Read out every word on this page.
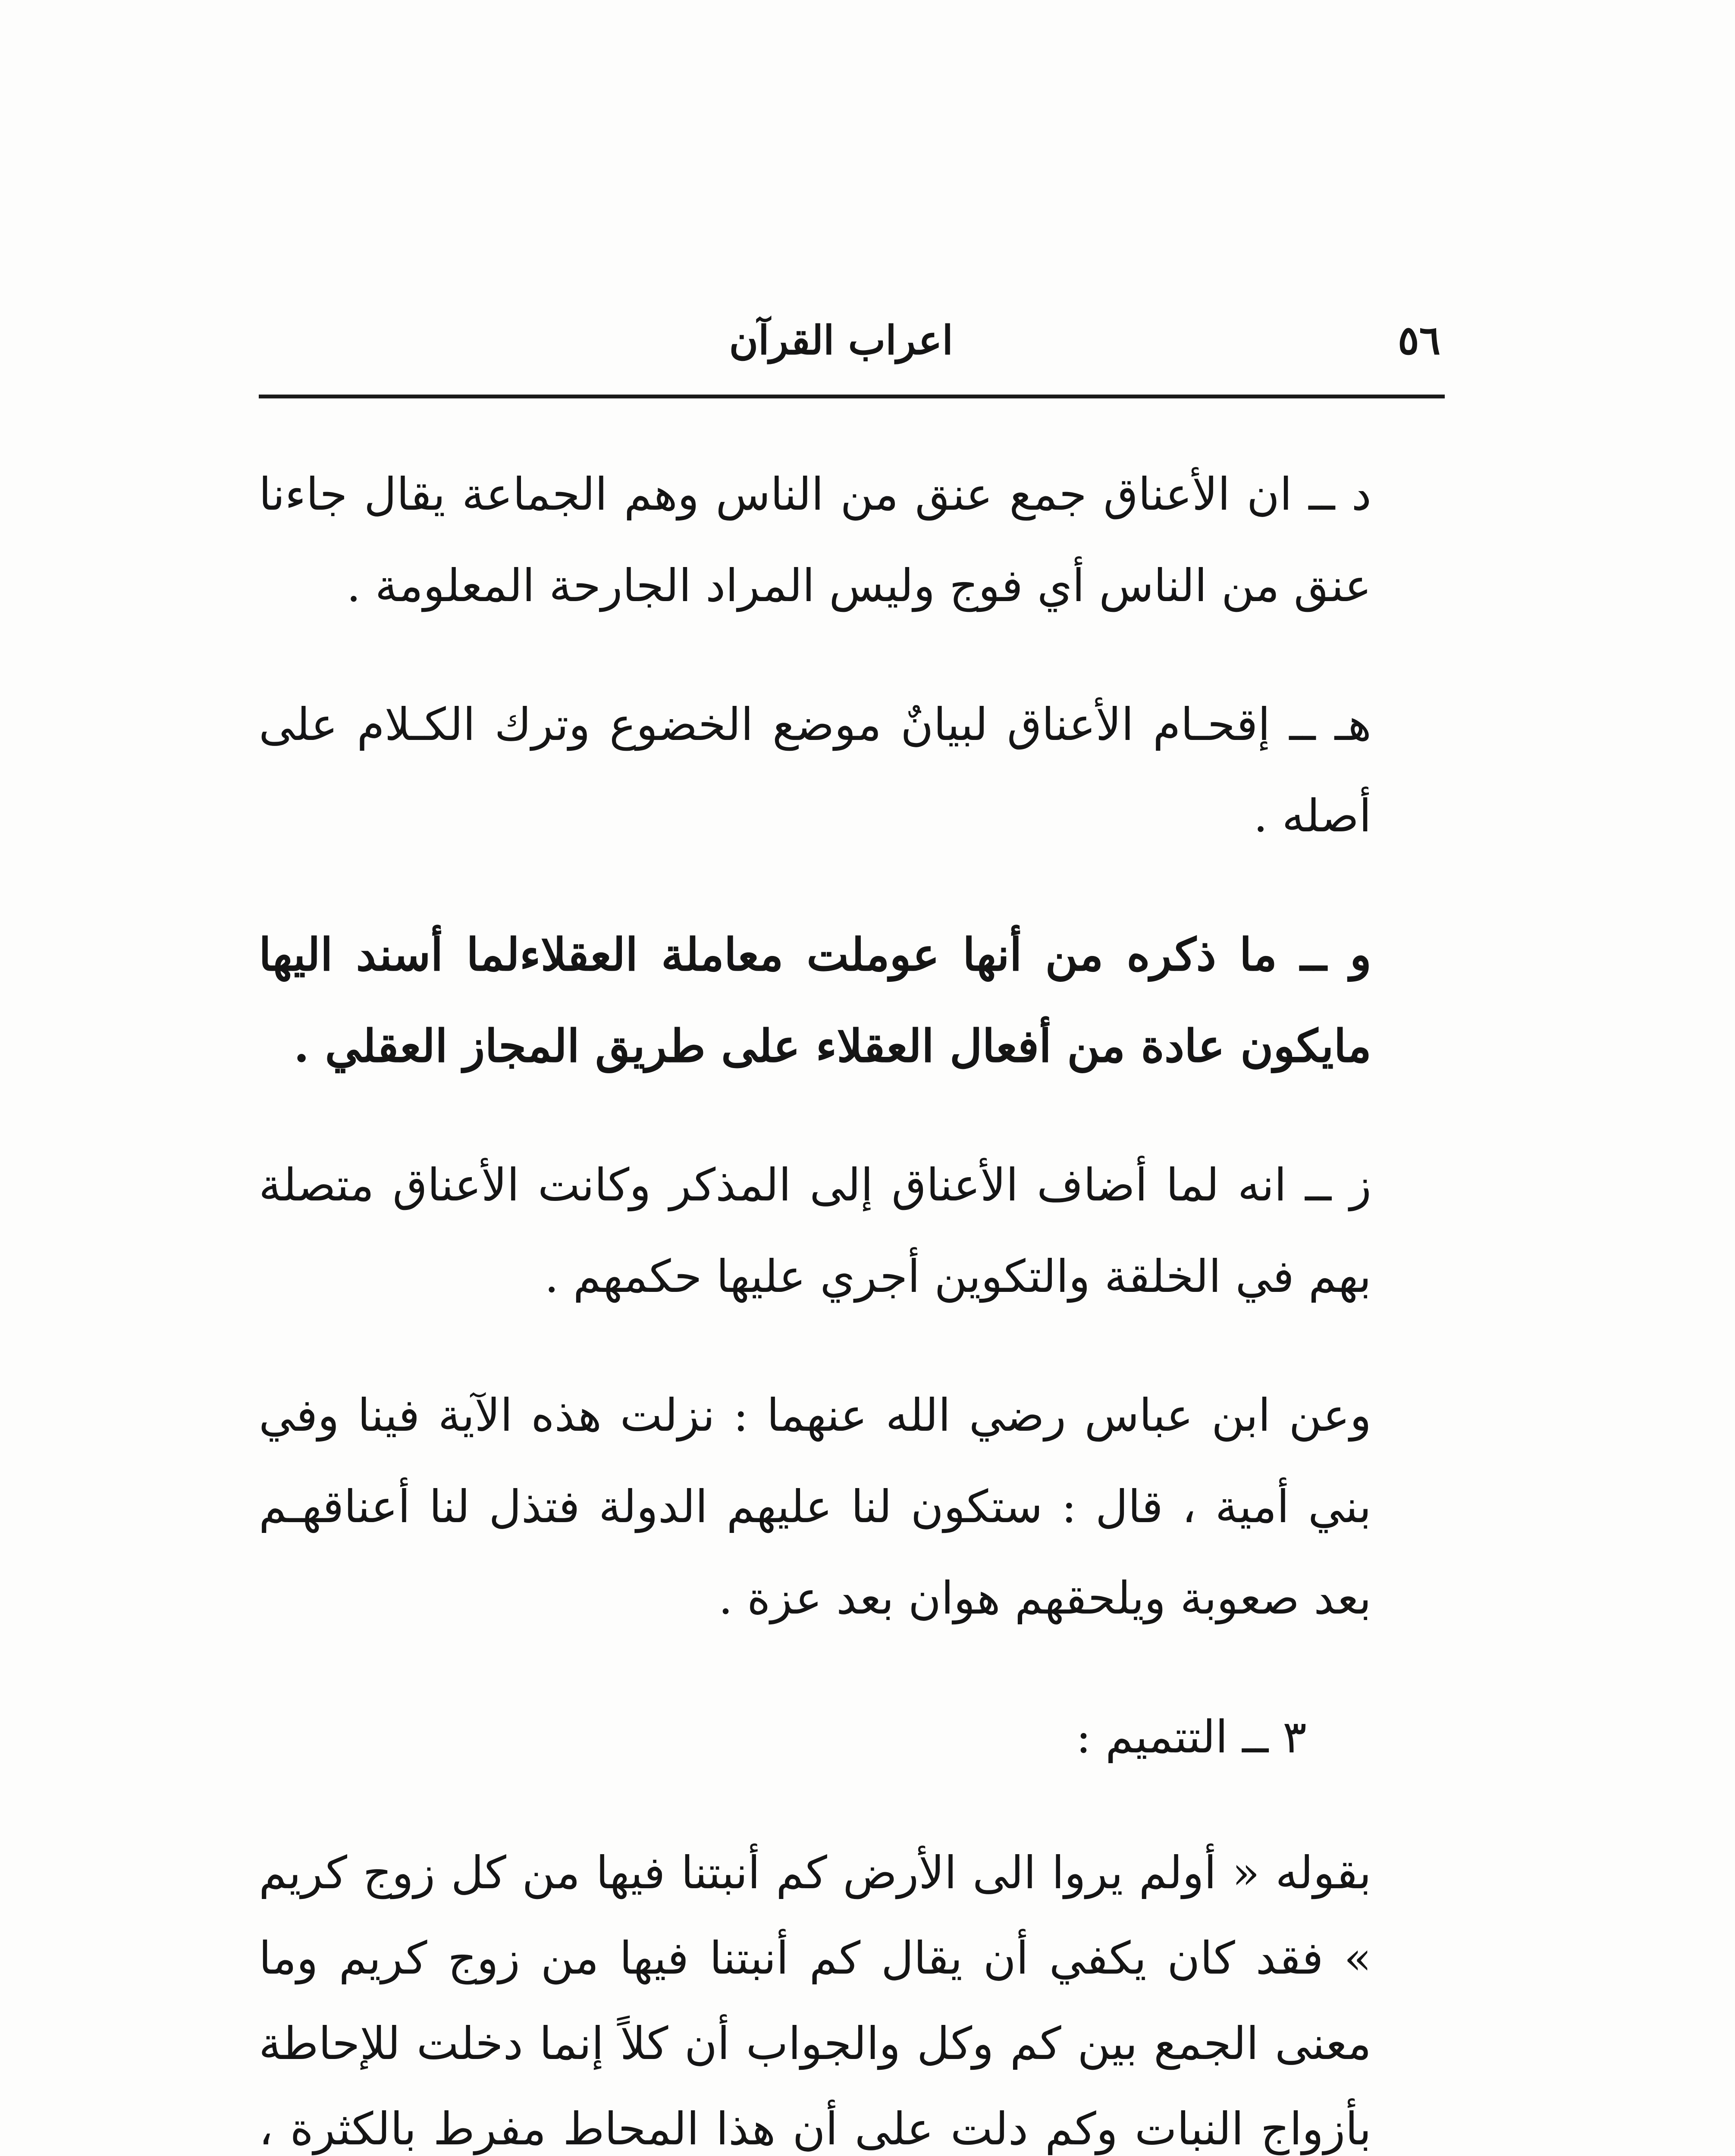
٥٦
اعراب القرآن

د ــ ان الأعناق جمع عنق من الناس وهم الجماعة يقال جاءنا عنق من الناس أي فوج وليس المراد الجارحة المعلومة .

هـ ــ إقحـام الأعناق لبيانٌ موضع الخضوع وترك الكـلام على أصله .

و ــ ما ذكره من أنها عوملت معاملة العقلاءلما أسند اليها مايكون عادة من أفعال العقلاء على طريق المجاز العقلي .

ز ــ انه لما أضاف الأعناق إلى المذكر وكانت الأعناق متصلة بهم في الخلقة والتكوين أجري عليها حكمهم .

وعن ابن عباس رضي الله عنهما : نزلت هذه الآية فينا وفي بني أمية ، قال : ستكون لنا عليهم الدولة فتذل لنا أعناقهـم بعد صعوبة ويلحقهم هوان بعد عزة .

٣ ــ التتميم :

بقوله « أولم يروا الى الأرض كم أنبتنا فيها من كل زوج كريم » فقد كان يكفي أن يقال كم أنبتنا فيها من زوج كريم وما معنى الجمع بين كم وكل والجواب أن كلاً إنما دخلت للإحاطة بأزواج النبات وكم دلت على أن هذا المحاط مفرط بالكثرة ،
